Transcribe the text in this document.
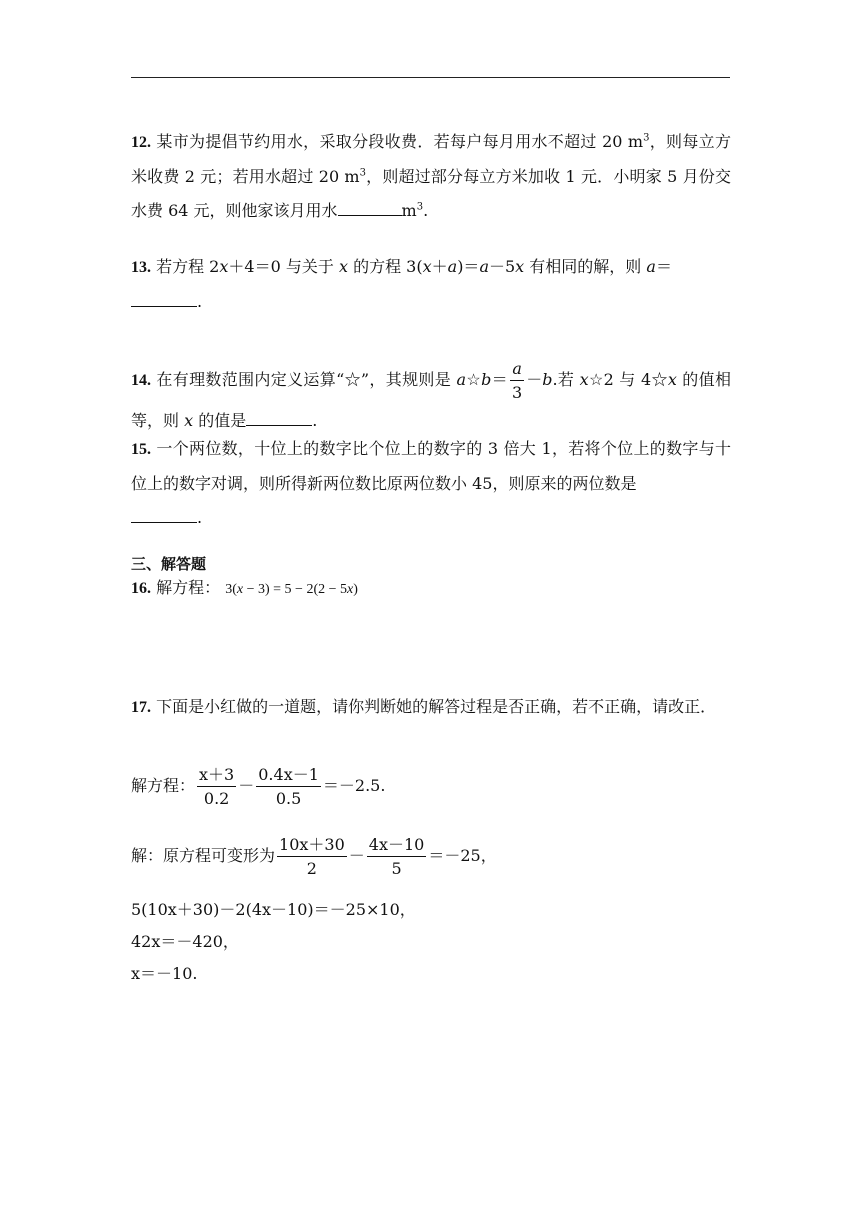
12. 某市为提倡节约用水，采取分段收费．若每户每月用水不超过 20 $m^3$，则每立方米收费 2 元；若用水超过 20 $m^3$，则超过部分每立方米加收 1 元．小明家 5 月份交水费 64 元，则他家该月用水	$m^3$.
13. 若方程 2x＋4＝0 与关于 x 的方程 3(x＋a)＝a－5x 有相同的解，则 a＝
.
14. 在有理数范围内定义运算“☆”，其规则是 a☆b＝ $\frac{a}{3} -b$.若 x☆2 与 4☆x 的值相等，则 x 的值是	.
15. 一个两位数，十位上的数字比个位上的数字的 3 倍大 1，若将个位上的数字与十位上的数字对调，则所得新两位数比原两位数小 45，则原来的两位数是
.
三、解答题
16. 解方程： 3(x − 3) = 5 − 2(2 − 5x)
17. 下面是小红做的一道题，请你判断她的解答过程是否正确，若不正确，请改正．
解方程： $\frac{x+3}{0.2} - \frac{0.4x-1}{0.5} =-2.5$.
解：原方程可变形为 $\frac{10x+30}{2} - \frac{4x-10}{5} =-25$，
5(10x＋30)－2(4x－10)＝－25×10，
42x＝－420，
x＝－10.
